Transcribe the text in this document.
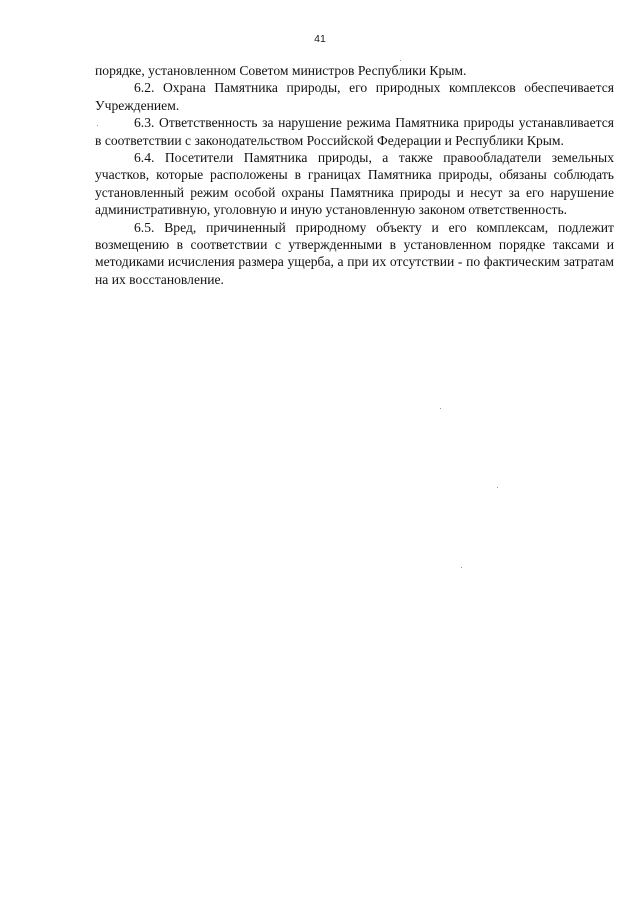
41

порядке, установленном Советом министров Республики Крым.

6.2. Охрана Памятника природы, его природных комплексов обеспечивается Учреждением.

6.3. Ответственность за нарушение режима Памятника природы устанавливается в соответствии с законодательством Российской Федерации и Республики Крым.

6.4. Посетители Памятника природы, а также правообладатели земельных участков, которые расположены в границах Памятника природы, обязаны соблюдать установленный режим особой охраны Памятника природы и несут за его нарушение административную, уголовную и иную установленную законом ответственность.

6.5. Вред, причиненный природному объекту и его комплексам, подлежит возмещению в соответствии с утвержденными в установленном порядке таксами и методиками исчисления размера ущерба, а при их отсутствии - по фактическим затратам на их восстановление.
